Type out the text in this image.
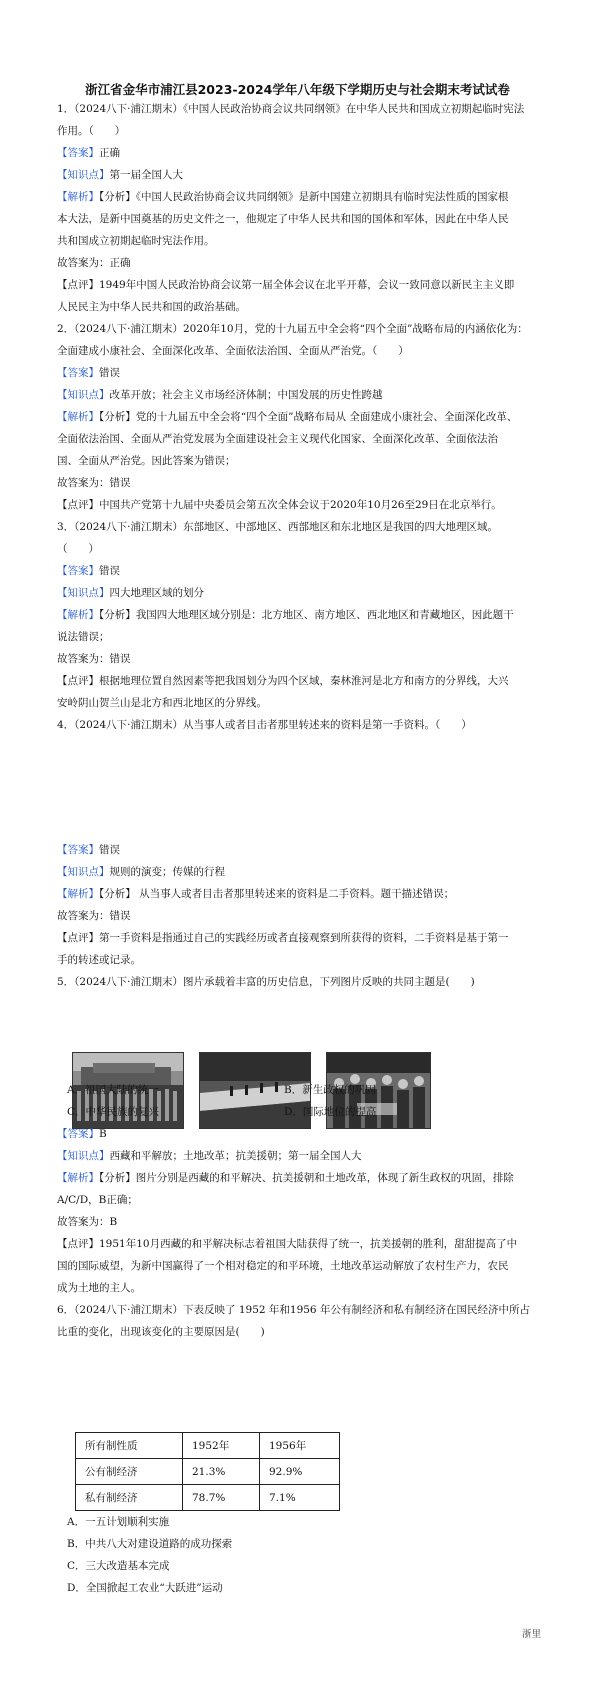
浙江省金华市浦江县2023-2024学年八年级下学期历史与社会期末考试试卷
1．（2024八下·浦江期末）《中国人民政治协商会议共同纲领》在中华人民共和国成立初期起临时宪法
作用。（　　）
【答案】正确
【知识点】第一届全国人大
【解析】【分析】《中国人民政治协商会议共同纲领》是新中国建立初期具有临时宪法性质的国家根
本大法，是新中国奠基的历史文件之一，他规定了中华人民共和国的国体和军体，因此在中华人民
共和国成立初期起临时宪法作用。
故答案为：正确
【点评】1949年中国人民政治协商会议第一届全体会议在北平开幕，会议一致同意以新民主主义即
人民民主为中华人民共和国的政治基础。
2．（2024八下·浦江期末）2020年10月，党的十九届五中全会将“四个全面”战略布局的内涵依化为：
全面建成小康社会、全面深化改革、全面依法治国、全面从严治党。（　　）
【答案】错误
【知识点】改革开放；社会主义市场经济体制；中国发展的历史性跨越
【解析】【分析】党的十九届五中全会将“四个全面”战略布局从 全面建成小康社会、全面深化改革、
全面依法治国、全面从严治党发展为全面建设社会主义现代化国家、全面深化改革、全面依法治
国、全面从严治党。因此答案为错误；
故答案为：错误
【点评】中国共产党第十九届中央委员会第五次全体会议于2020年10月26至29日在北京举行。
3．（2024八下·浦江期末）东部地区、中部地区、西部地区和东北地区是我国的四大地理区域。
（　　）
【答案】错误
【知识点】四大地理区域的划分
【解析】【分析】我国四大地理区域分别是：北方地区、南方地区、西北地区和青藏地区，因此题干
说法错误；
故答案为：错误
【点评】根据地理位置自然因素等把我国划分为四个区域，秦林淮河是北方和南方的分界线，大兴
安岭阴山贺兰山是北方和西北地区的分界线。
4．（2024八下·浦江期末）从当事人或者目击者那里转述来的资料是第一手资料。（　　）
【答案】错误
【知识点】规则的演变；传媒的行程
【解析】【分析】 从当事人或者目击者那里转述来的资料是二手资料。题干描述错误；
故答案为：错误
【点评】第一手资料是指通过自己的实践经历或者直接观察到所获得的资料，二手资料是基于第一
手的转述或记录。
5．（2024八下·浦江期末）图片承载着丰富的历史信息，下列图片反映的共同主题是(　　)
A．祖国大陆的统一	B．新生政权的巩固
C．中华民族的复兴	D．国际地位的提高
【答案】B
【知识点】西藏和平解放；土地改革；抗美援朝；第一届全国人大
【解析】【分析】图片分别是西藏的和平解决、抗美援朝和土地改革，体现了新生政权的巩固，排除
A/C/D，B正确；
故答案为：B
【点评】1951年10月西藏的和平解决标志着祖国大陆获得了统一，抗美援朝的胜利，甜甜提高了中
国的国际威望，为新中国赢得了一个相对稳定的和平环境，土地改革运动解放了农村生产力，农民
成为土地的主人。
6．（2024八下·浦江期末）下表反映了 1952 年和1956 年公有制经济和私有制经济在国民经济中所占
比重的变化，出现该变化的主要原因是(　　)
所有制性质	1952年	1956年
公有制经济	21.3%	92.9%
私有制经济	78.7%	7.1%
A．一五计划顺利实施
B．中共八大对建设道路的成功探索
C．三大改造基本完成
D．全国掀起工农业“大跃进”运动
浙里
